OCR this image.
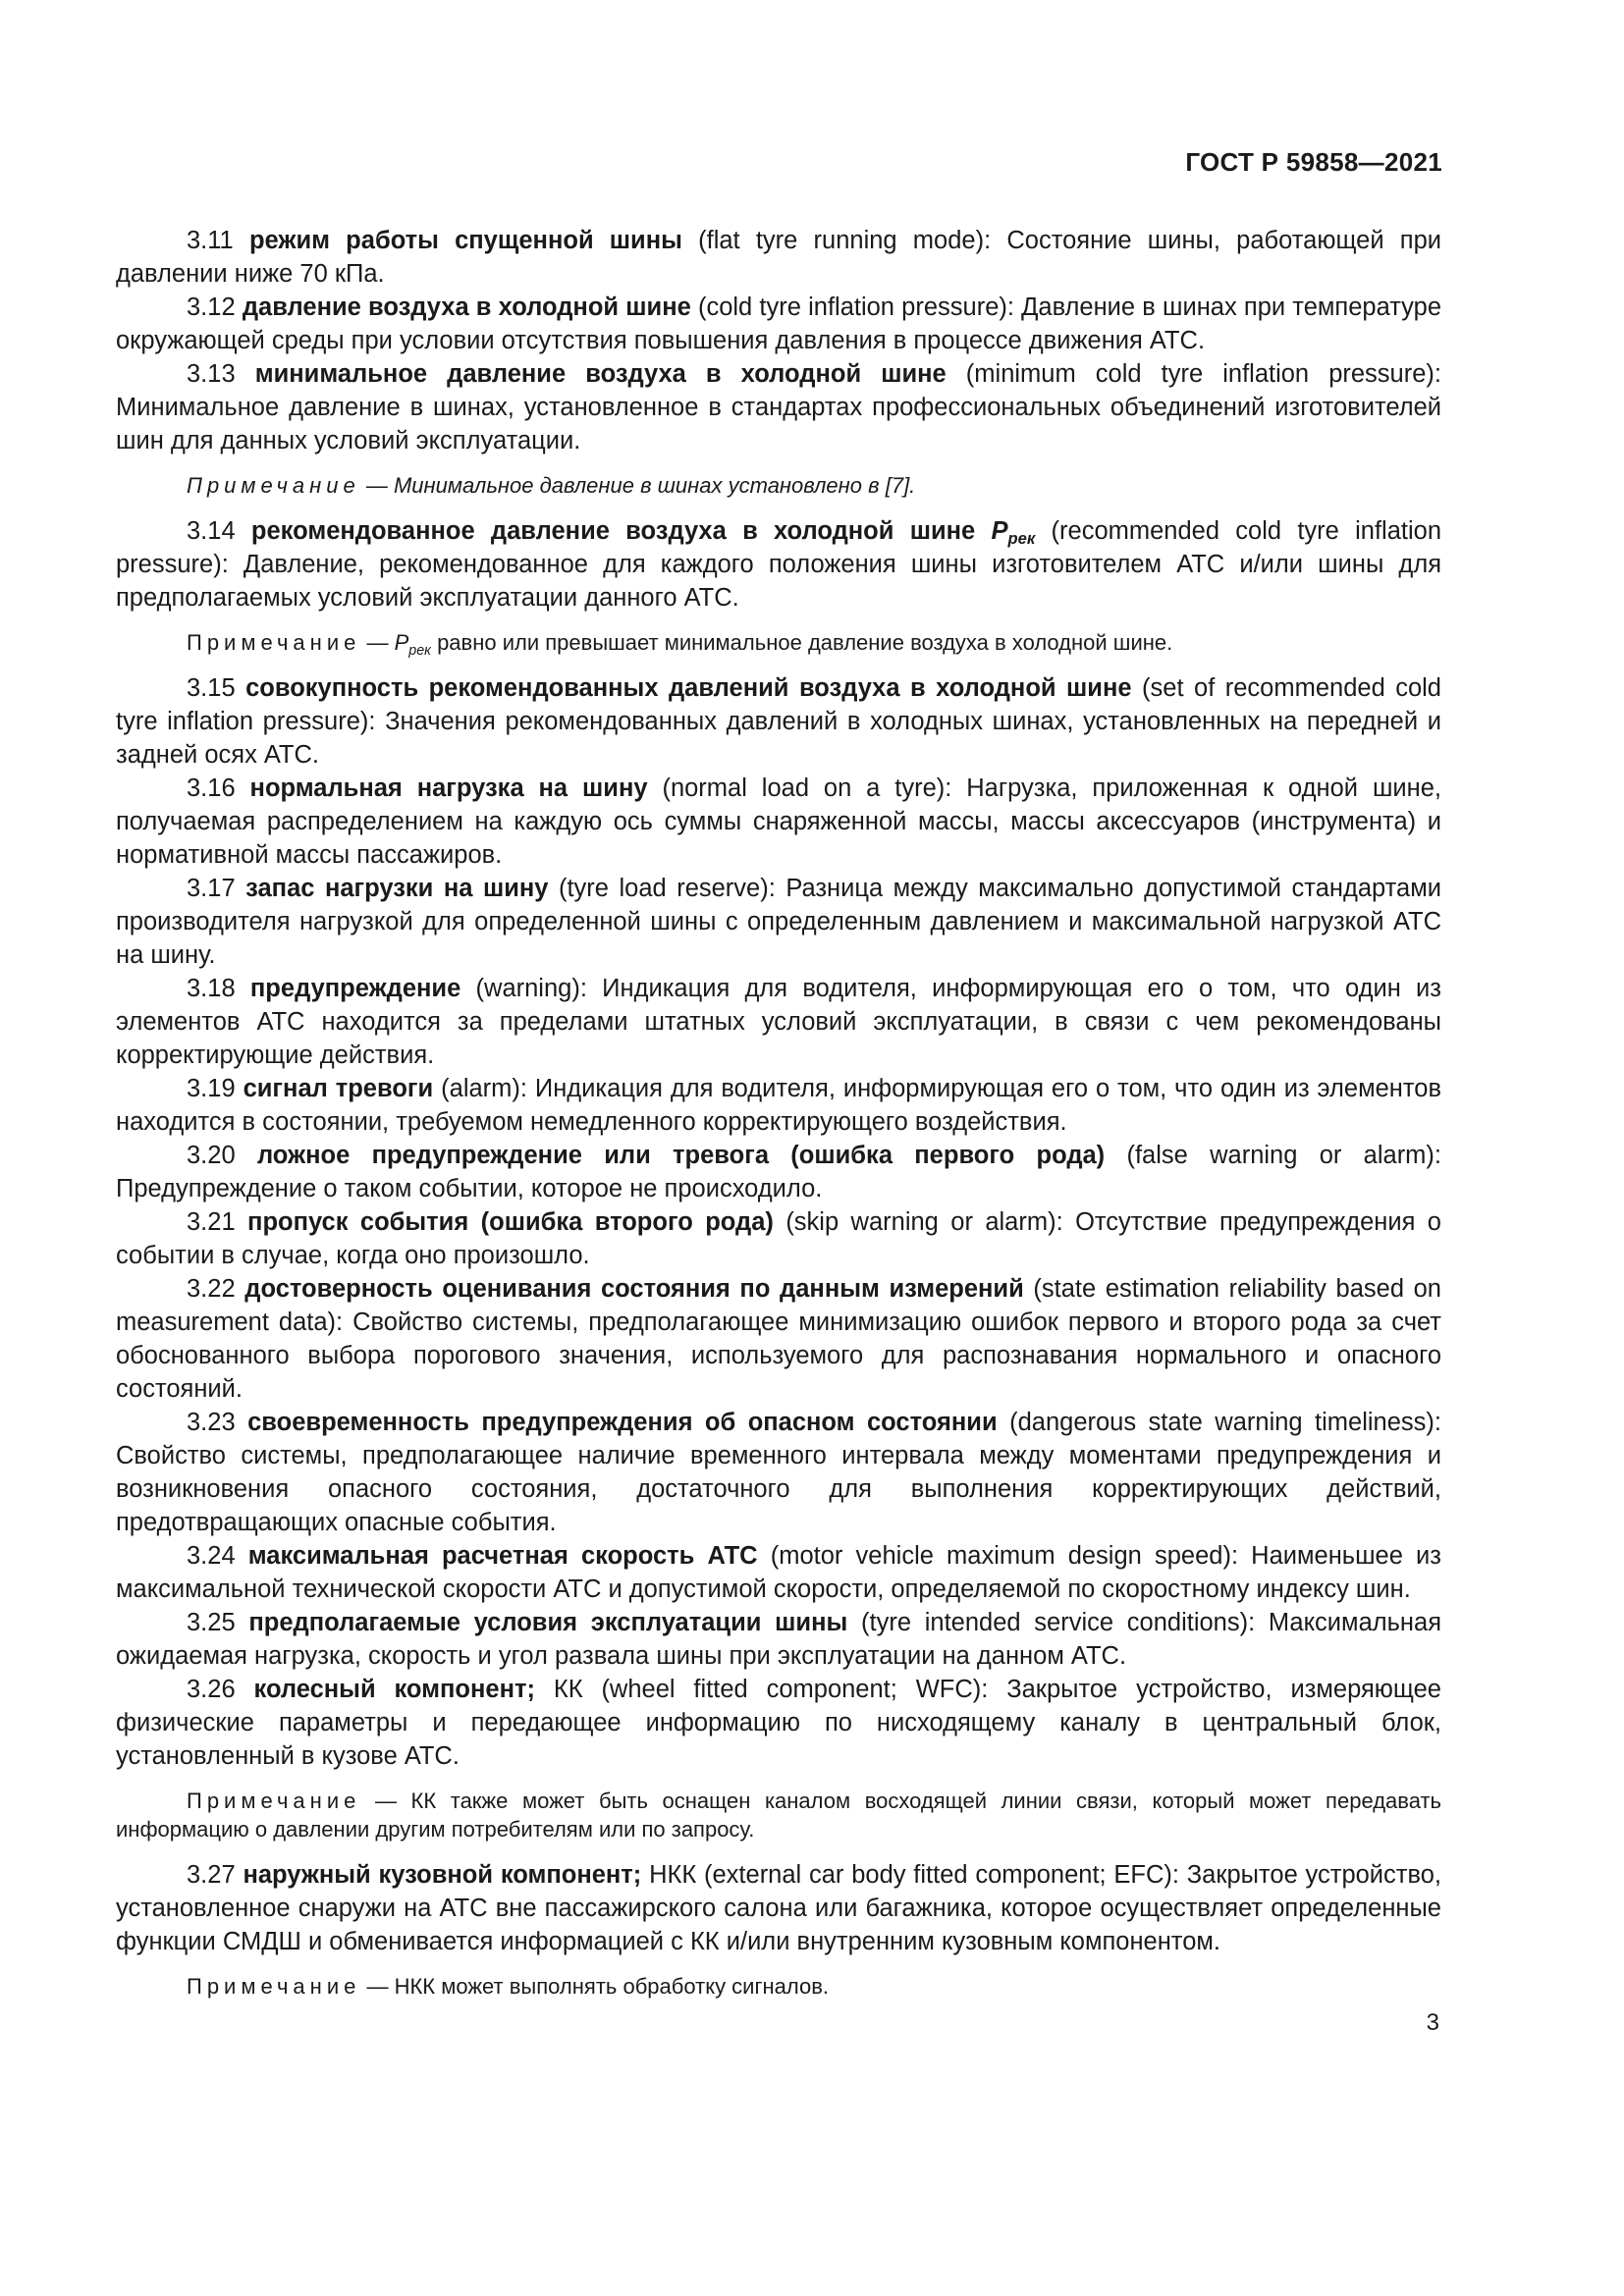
ГОСТ Р 59858—2021

3.11 режим работы спущенной шины (flat tyre running mode): Состояние шины, работающей при давлении ниже 70 кПа.

3.12 давление воздуха в холодной шине (cold tyre inflation pressure): Давление в шинах при температуре окружающей среды при условии отсутствия повышения давления в процессе движения АТС.

3.13 минимальное давление воздуха в холодной шине (minimum cold tyre inflation pressure): Минимальное давление в шинах, установленное в стандартах профессиональных объединений изготовителей шин для данных условий эксплуатации.

Примечание — Минимальное давление в шинах установлено в [7].

3.14 рекомендованное давление воздуха в холодной шине $P_{рек}$ (recommended cold tyre inflation pressure): Давление, рекомендованное для каждого положения шины изготовителем АТС и/или шины для предполагаемых условий эксплуатации данного АТС.

Примечание — $P_{рек}$ равно или превышает минимальное давление воздуха в холодной шине.

3.15 совокупность рекомендованных давлений воздуха в холодной шине (set of recommended cold tyre inflation pressure): Значения рекомендованных давлений в холодных шинах, установленных на передней и задней осях АТС.

3.16 нормальная нагрузка на шину (normal load on a tyre): Нагрузка, приложенная к одной шине, получаемая распределением на каждую ось суммы снаряженной массы, массы аксессуаров (инструмента) и нормативной массы пассажиров.

3.17 запас нагрузки на шину (tyre load reserve): Разница между максимально допустимой стандартами производителя нагрузкой для определенной шины с определенным давлением и максимальной нагрузкой АТС на шину.

3.18 предупреждение (warning): Индикация для водителя, информирующая его о том, что один из элементов АТС находится за пределами штатных условий эксплуатации, в связи с чем рекомендованы корректирующие действия.

3.19 сигнал тревоги (alarm): Индикация для водителя, информирующая его о том, что один из элементов находится в состоянии, требуемом немедленного корректирующего воздействия.

3.20 ложное предупреждение или тревога (ошибка первого рода) (false warning or alarm): Предупреждение о таком событии, которое не происходило.

3.21 пропуск события (ошибка второго рода) (skip warning or alarm): Отсутствие предупреждения о событии в случае, когда оно произошло.

3.22 достоверность оценивания состояния по данным измерений (state estimation reliability based on measurement data): Свойство системы, предполагающее минимизацию ошибок первого и второго рода за счет обоснованного выбора порогового значения, используемого для распознавания нормального и опасного состояний.

3.23 своевременность предупреждения об опасном состоянии (dangerous state warning timeliness): Свойство системы, предполагающее наличие временного интервала между моментами предупреждения и возникновения опасного состояния, достаточного для выполнения корректирующих действий, предотвращающих опасные события.

3.24 максимальная расчетная скорость АТС (motor vehicle maximum design speed): Наименьшее из максимальной технической скорости АТС и допустимой скорости, определяемой по скоростному индексу шин.

3.25 предполагаемые условия эксплуатации шины (tyre intended service conditions): Максимальная ожидаемая нагрузка, скорость и угол развала шины при эксплуатации на данном АТС.

3.26 колесный компонент; КК (wheel fitted component; WFC): Закрытое устройство, измеряющее физические параметры и передающее информацию по нисходящему каналу в центральный блок, установленный в кузове АТС.

Примечание — КК также может быть оснащен каналом восходящей линии связи, который может передавать информацию о давлении другим потребителям или по запросу.

3.27 наружный кузовной компонент; НКК (external car body fitted component; EFC): Закрытое устройство, установленное снаружи на АТС вне пассажирского салона или багажника, которое осуществляет определенные функции СМДШ и обменивается информацией с КК и/или внутренним кузовным компонентом.

Примечание — НКК может выполнять обработку сигналов.

3
